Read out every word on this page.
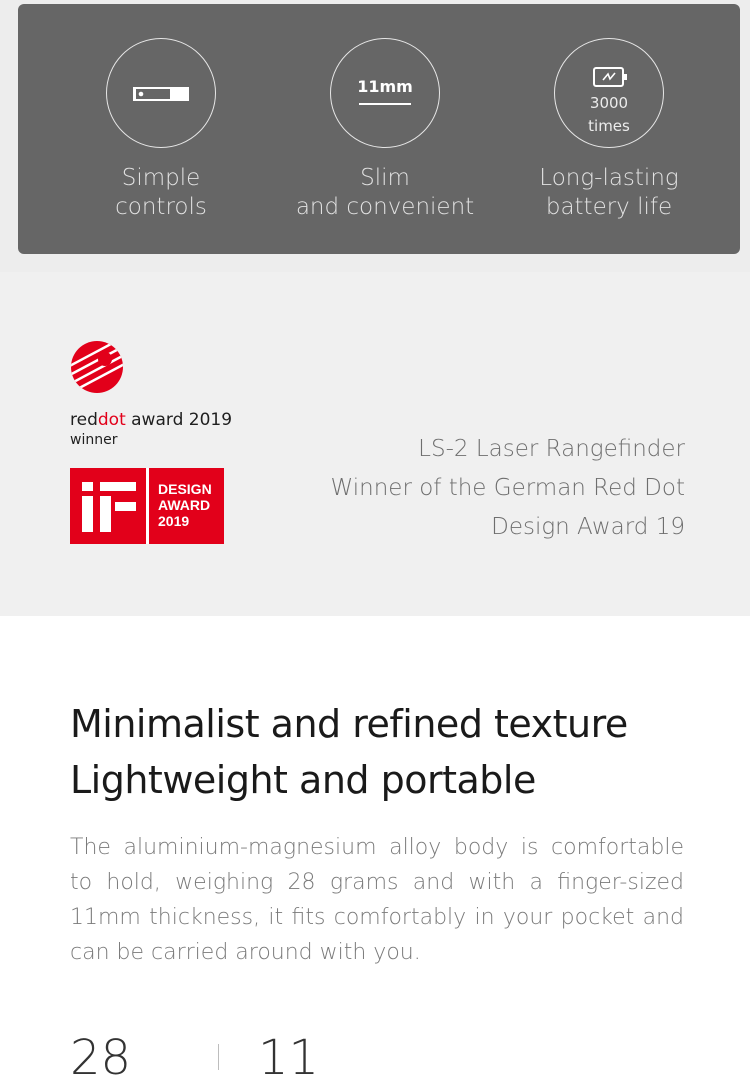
Simple
controls
11mm
Slim
and convenient
3000
times
Long-lasting
battery life
reddot award 2019
winner
DESIGN
AWARD
2019
LS-2 Laser Rangefinder
Winner of the German Red Dot
Design Award 19
Minimalist and refined texture
Lightweight and portable
The aluminium-magnesium alloy body is comfortable to hold, weighing 28 grams and with a finger-sized 11mm thickness, it fits comfortably in your pocket and can be carried around with you.
28	11
